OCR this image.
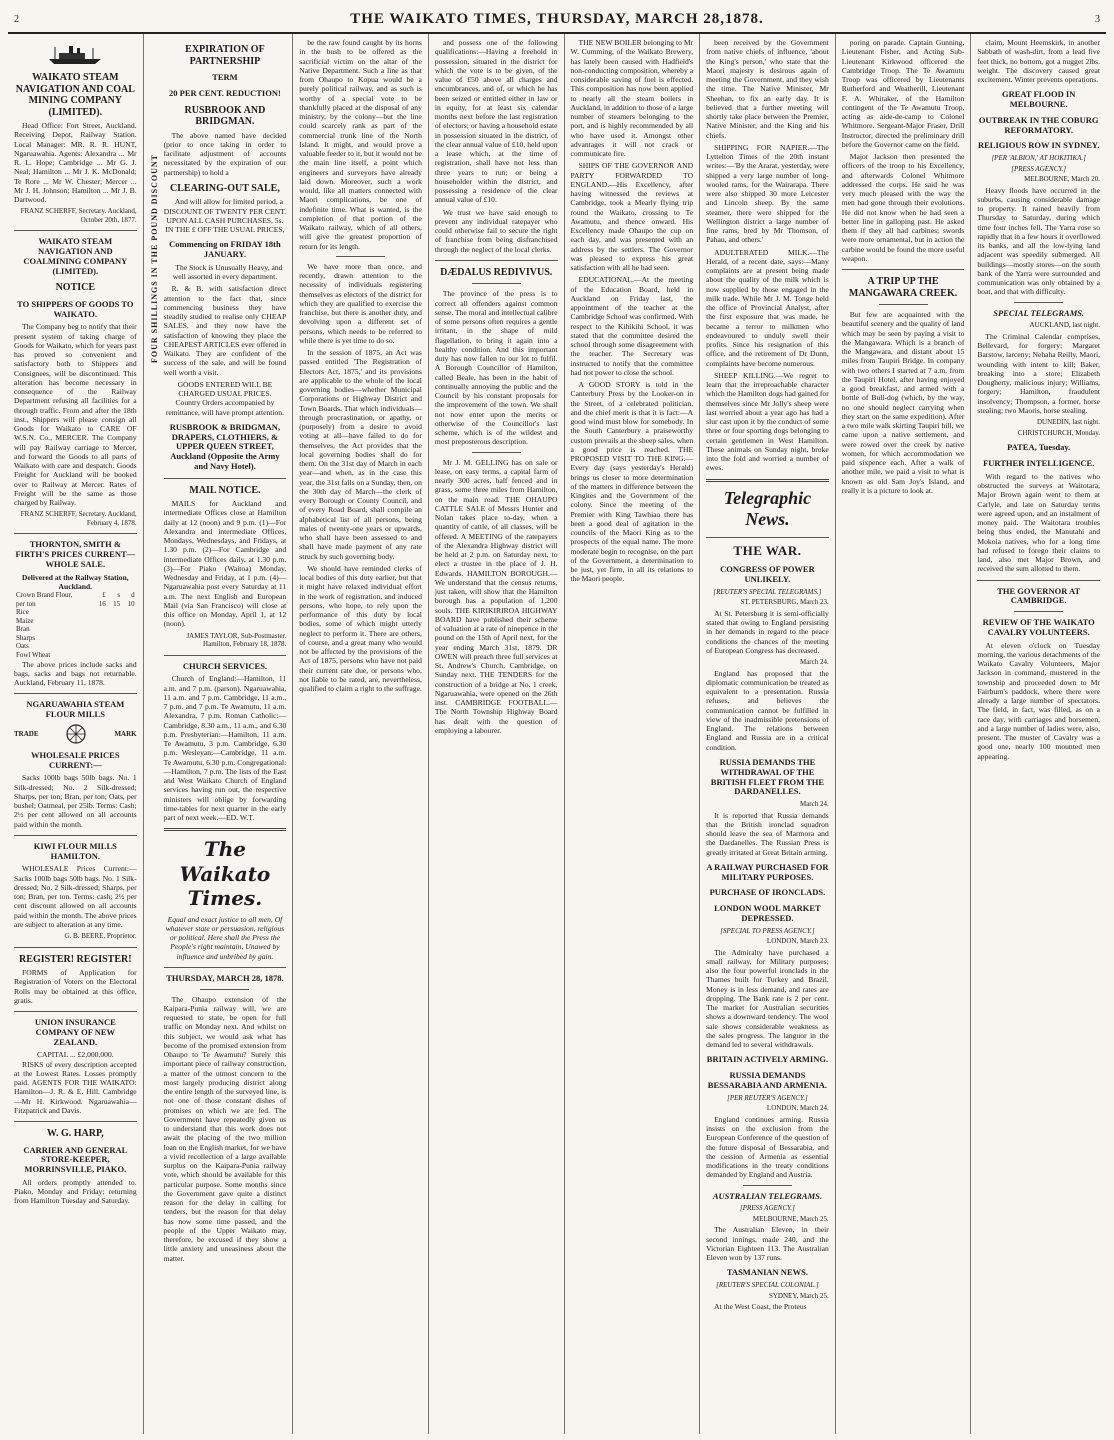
2	THE WAIKATO TIMES, THURSDAY, MARCH 28,1878.	3
WAIKATO STEAM NAVIGATION AND COAL MINING COMPANY (LIMITED).

Head Office: Fort Street, Auckland. Receiving Depot, Railway Station. Local Manager: MR. R. R. HUNT, Ngaruawahia. Agents: Alexandra ... Mr R. L. Hope; Cambridge ... Mr G. J. Neal; Hamilton ... Mr J. K. McDonald; Te Rore ... Mr W. Chester; Mercer ... Mr J. H. Johnson; Hamilton ... Mr J. B. Dartwood.

FRANZ SCHERFF, Secretary. Auckland, October 20th, 1877.
WAIKATO STEAM NAVIGATION AND COALMINING COMPANY (LIMITED).
NOTICE
TO SHIPPERS OF GOODS TO WAIKATO.

The Company beg to notify that their present system of taking charge of Goods for Waikato, which for years past has proved so convenient and satisfactory both to Shippers and Consignees, will be discontinued. This alteration has become necessary in consequence of the Railway Department refusing all facilities for a through traffic. From and after the 18th inst., Shippers will please consign all Goods for Waikato to CARE OF W.S.N. Co., MERCER. The Company will pay Railway carriage to Mercer, and forward the Goods to all parts of Waikato with care and despatch. Goods Freight for Auckland will be booked over to Railway at Mercer. Rates of Freight will be the same as those charged by Railway.

FRANZ SCHERFF, Secretary. Auckland, February 4, 1878.
THORNTON, SMITH & FIRTH'S PRICES CURRENT—WHOLE SALE.
Delivered at the Railway Station, Auckland.
Crown Brand Flour,	£	s	d
per ton	16	15	10
Rice			
Maize			
Bran			
Sharps			
Oats			
Fowl Wheat			

The above prices include sacks and bags, sacks and bags not returnable. Auckland, February 11, 1878.

NGARUAWAHIA STEAM FLOUR MILLS
TRADE	MARK
WHOLESALE PRICES CURRENT:—

Sacks 100lb bags 50lb bags. No. 1 Silk-dressed; No. 2 Silk-dressed; Sharps, per ton; Bran, per ton; Oats, per bushel; Oatmeal, per 25lb. Terms: Cash; 2½ per cent allowed on all accounts paid within the month.

KIWI FLOUR MILLS HAMILTON.

WHOLESALE Prices Current:— Sacks 100lb bags 50lb bags. No. 1 Silk-dressed; No. 2 Silk-dressed; Sharps, per ton; Bran, per ton. Terms: cash; 2½ per cent discount allowed on all accounts paid within the month. The above prices are subject to alteration at any time.

G. B. BEERE, Proprietor.
REGISTER! REGISTER!

FORMS of Application for Registration of Voters on the Electoral Rolls may be obtained at this office, gratis.

UNION INSURANCE COMPANY OF NEW ZEALAND.
CAPITAL ... £2,000,000.

RISKS of every description accepted at the Lowest Rates. Losses promptly paid. AGENTS FOR THE WAIKATO: Hamilton—J. R. & E. Hill. Cambridge—Mr H. Kirkwood. Ngaruawahia—Fitzpatrick and Davis.

W. G. HARP,
CARRIER AND GENERAL STORE-KEEPER, MORRINSVILLE, PIAKO.

All orders promptly attended to. Piako, Monday and Friday; returning from Hamilton Tuesday and Saturday.

FOUR SHILLINGS IN THE POUND DISCOUNT
EXPIRATION OF PARTNERSHIP
TERM
20 PER CENT. REDUCTION!
RUSBROOK AND BRIDGMAN.

The above named have decided (prior to once taking in order to facilitate adjustment of accounts necessitated by the expiration of our partnership) to hold a

CLEARING-OUT SALE,

And will allow for limited period, a DISCOUNT OF TWENTY PER CENT. UPON ALL CASH PURCHASES, 5s. IN THE £ OFF THE USUAL PRICES,

Commencing on FRIDAY 18th JANUARY.

The Stock is Unusually Heavy, and well assorted in every department.

R. & B. with satisfaction direct attention to the fact that, since commencing business they have steadily studied to realise only CHEAP SALES, and they now have the satisfaction of knowing they place the CHEAPEST ARTICLES ever offered in Waikato. They are confident of the success of the sale, and will be found well worth a visit.

GOODS ENTERED WILL BE CHARGED USUAL PRICES.
Country Orders accompanied by remittance, will have prompt attention.
RUSBROOK & BRIDGMAN, DRAPERS, CLOTHIERS, & UPPER QUEEN STREET, Auckland (Opposite the Army and Navy Hotel).
MAIL NOTICE.

MAILS for Auckland and intermediate Offices close at Hamilton daily at 12 (noon) and 9 p.m. (1)—For Alexandra and intermediate Offices, Mondays, Wednesdays, and Fridays, at 1.30 p.m. (2)—For Cambridge and intermediate Offices daily, at 1.30 p.m. (3)—For Piako (Waitoa) Monday, Wednesday and Friday, at 1 p.m. (4)—Ngaruawahia post every Saturday at 11 a.m. The next English and European Mail (via San Francisco) will close at this office on Monday, April 1, at 12 (noon).

JAMES TAYLOR, Sub-Postmaster. Hamilton, February 18, 1878.
CHURCH SERVICES.

Church of England:—Hamilton, 11 a.m. and 7 p.m. (parson). Ngaruawahia, 11 a.m. and 7 p.m. Cambridge, 11 a.m., 7 p.m. and 7 p.m. Te Awamutu, 11 a.m. Alexandra, 7 p.m. Roman Catholic:—Cambridge, 8.30 a.m., 11 a.m., and 6.30 p.m. Presbyterian:—Hamilton, 11 a.m. Te Awamutu, 3 p.m. Cambridge, 6.30 p.m. Wesleyan:—Cambridge, 11 a.m. Te Awamutu, 6.30 p.m. Congregational:—Hamilton, 7 p.m. The lists of the East and West Waikato Church of England services having run out, the respective ministers will oblige by forwarding time-tables for next quarter in the early part of next week.—ED. W.T.

The Waikato Times.

Equal and exact justice to all men, Of whatever state or persuasion, religious or political. Here shall the Press the People's right maintain, Unawed by influence and unbribed by gain.

THURSDAY, MARCH 28, 1878.

The Ohaupo extension of the Kaipara-Punia railway will, we are requested to state, be open for full traffic on Monday next. And whilst on this subject, we would ask what has become of the promised extension from Ohaupo to Te Awamutu? Surely this important piece of railway construction, a matter of the utmost concern to the most largely producing district along the entire length of the surveyed line, is not one of those constant dishes of promises on which we are fed. The Government have repeatedly given us to understand that this work does not await the placing of the two million loan on the English market, for we have a vivid recollection of a large available surplus on the Kaipara-Punia railway vote, which should be available for this particular purpose. Some months since the Government gave quite a distinct reason for the delay in calling for tenders, but the reason for that delay has now some time passed, and the people of the Upper Waikato may, therefore, be excused if they show a little anxiety and uneasiness about the matter.

be the raw found caught by its horns in the bush to be offered as the sacrificial victim on the altar of the Native Department. Such a line as that from Ohaupo to Kopua would be a purely political railway, and as such is worthy of a special vote to be thankfully placed at the disposal of any ministry, by the colony—but the line could scarcely rank as part of the commercial trunk line of the North Island. It might, and would prove a valuable feeder to it, but it would not be the main line itself, a point which engineers and surveyors have already laid down. Moreover, such a work would, like all matters connected with Maori complications, be one of indefinite time. What is wanted, is the completion of that portion of the Waikato railway, which of all others, will give the greatest proportion of return for its length.

We have more than once, and recently, drawn attention to the necessity of individuals registering themselves as electors of the district for which they are qualified to exercise the franchise, but there is another duty, and devolving upon a different set of persons, which needs to be referred to while there is yet time to do so.

In the session of 1875, an Act was passed entitled 'The Registration of Electors Act, 1875,' and its provisions are applicable to the whole of the local governing bodies—whether Municipal Corporations or Highway District and Town Boards. That which individuals—through procrastination, or apathy, or (purposely) from a desire to avoid voting at all—have failed to do for themselves, the Act provides that the local governing bodies shall do for them. On the 31st day of March in each year—and when, as in the case this year, the 31st falls on a Sunday, then, on the 30th day of March—the clerk of every Borough or County Council, and of every Road Board, shall compile an alphabetical list of all persons, being males of twenty-one years or upwards, who shall have been assessed to and shall have made payment of any rate struck by such governing body.

We should have reminded clerks of local bodies of this duty earlier, but that it might have relaxed individual effort in the work of registration, and induced persons, who hope, to rely upon the performance of this duty by local bodies, some of which might utterly neglect to perform it. There are others, of course, and a great many who would not be affected by the provisions of the Act of 1875, persons who have not paid their current rate due, or persons who, not liable to be rated, are, nevertheless, qualified to claim a right to the suffrage.

and possess one of the following qualifications:—Having a freehold in possession, situated in the district for which the vote is to be given, of the value of £50 above all charges and encumbrances, and of, or which he has been seized or entitled either in law or in equity, for at least six calendar months next before the last registration of electors; or having a household estate in possession situated in the district, of the clear annual value of £10, held upon a lease which, at the time of registration, shall have not less than three years to run; or being a householder within the district, and possessing a residence of the clear annual value of £10.

We trust we have said enough to prevent any individual ratepayer who could otherwise fail to secure the right of franchise from being disfranchised through the neglect of the local clerks.

DÆDALUS REDIVIVUS.

The province of the press is to correct all offenders against common sense. The moral and intellectual calibre of some persons often requires a gentle irritant, in the shape of mild flagellation, to bring it again into a healthy condition. And this important duty has now fallen to our lot to fulfil. A Borough Councillor of Hamilton, called Beale, has been in the habit of continually annoying the public and the Council by his constant proposals for the improvement of the town. We shall not now enter upon the merits or otherwise of the Councillor's last scheme, which is of the wildest and most preposterous description.

Mr J. M. GELLING has on sale or lease, on easy terms, a capital farm of nearly 300 acres, half fenced and in grass, some three miles from Hamilton, on the main road. THE OHAUPO CATTLE SALE of Messrs Hunter and Nolan takes place to-day, when a quantity of cattle, of all classes, will be offered. A MEETING of the ratepayers of the Alexandra Highway district will be held at 2 p.m. on Saturday next, to elect a trustee in the place of J. H. Edwards. HAMILTON BOROUGH.—We understand that the census returns, just taken, will show that the Hamilton borough has a population of 1,200 souls. THE KIRIKIRIROA HIGHWAY BOARD have published their scheme of valuation at a rate of ninepence in the pound on the 15th of April next, for the year ending March 31st, 1879. DR OWEN will preach three full services at St. Andrew's Church, Cambridge, on Sunday next. THE TENDERS for the construction of a bridge at No. 1 creek, Ngaruawahia, were opened on the 26th inst. CAMBRIDGE FOOTBALL.—The North Township Highway Board has dealt with the question of employing a labourer.

THE NEW BOILER belonging to Mr W. Cumming, of the Waikato Brewery, has lately been caused with Hadfield's non-conducting composition, whereby a considerable saving of fuel is effected. This composition has now been applied to nearly all the steam boilers in Auckland, in addition to those of a large number of steamers belonging to the port, and is highly recommended by all who have used it. Amongst other advantages it will not crack or communicate fire.

SHIPS OF THE GOVERNOR AND PARTY FORWARDED TO ENGLAND.—His Excellency, after having witnessed the reviews at Cambridge, took a Mearly flying trip round the Waikato, crossing to Te Awamutu, and thence onward. His Excellency made Ohaupo the cup on each day, and was presented with an address by the settlers. The Governor was pleased to express his great satisfaction with all he had seen.

EDUCATIONAL.—At the meeting of the Education Board, held in Auckland on Friday last, the appointment of the teacher at the Cambridge School was confirmed. With respect to the Kihikihi School, it was stated that the committee desired the school through some disagreement with the teacher. The Secretary was instructed to notify that the committee had not power to close the school.

A GOOD STORY is told in the Canterbury Press by the Looker-on in the Street, of a celebrated politician, and the chief merit is that it is fact:—A good wind must blow for somebody. In the South Canterbury a praiseworthy custom prevails at the sheep sales, when a good price is reached. THE PROPOSED VISIT TO THE KING.—Every day (says yesterday's Herald) brings us closer to more determination of the matters in difference between the Kingites and the Government of the colony. Since the meeting of the Premier with King Tawhiao there has been a good deal of agitation in the councils of the Maori King as to the prospects of the equal name. The more moderate begin to recognise, on the part of the Government, a determination to be just, yet firm, in all its relations to the Maori people.

been received by the Government from native chiefs of influence, 'about the King's person,' who state that the Maori majesty is desirous again of meeting the Government, and they wish the time. The Native Minister, Mr Sheehan, to fix an early day. It is believed that a further meeting will shortly take place between the Premier, Native Minister, and the King and his chiefs.

SHIPPING FOR NAPIER.—The Lyttelton Times of the 20th instant writes:—'By the Ararat, yesterday, were shipped a very large number of long-wooled rams, for the Wairarapa. There were also shipped 30 more Leicester and Lincoln sheep. By the same steamer, there were shipped for the Wellington district a large number of fine rams, bred by Mr Thomson, of Pahau, and others.'

ADULTERATED MILK.—The Herald, of a recent date, says:—Many complaints are at present being made about the quality of the milk which is now supplied by those engaged in the milk trade. While Mr J. M. Tonge held the office of Provincial Analyst, after the first exposure that was made, he became a terror to milkmen who endeavoured to unduly swell their profits. Since his resignation of this office, and the retirement of Dr Dunn, complaints have become numerous.

SHEEP KILLING.—We regret to learn that the irreproachable character which the Hamilton dogs had gained for themselves since Mr Jolly's sheep were last worried about a year ago has had a slur cast upon it by the conduct of some three or four sporting dogs belonging to certain gentlemen in West Hamilton. These animals on Sunday night, broke into the fold and worried a number of ewes.

Telegraphic News.
THE WAR.
CONGRESS OF POWER UNLIKELY.
[REUTER'S SPECIAL TELEGRAMS.]
ST. PETERSBURG, March 23.

At St. Petersburg it is semi-officially stated that owing to England persisting in her demands in regard to the peace conditions the chances of the meeting of European Congress has decreased.

March 24.

England has proposed that the diplomatic communication be treated as equivalent to a presentation. Russia refuses, and believes the communication cannot be fulfilled in view of the inadmissible pretensions of England. The relations between England and Russia are in a critical condition.

RUSSIA DEMANDS THE WITHDRAWAL OF THE BRITISH FLEET FROM THE DARDANELLES.
March 24.

It is reported that Russia demands that the British ironclad squadron should leave the sea of Marmora and the Dardanelles. The Russian Press is greatly irritated at Great Britain arming.

A RAILWAY PURCHASED FOR MILITARY PURPOSES.
PURCHASE OF IRONCLADS.
LONDON WOOL MARKET DEPRESSED.
[SPECIAL TO PRESS AGENCY.]
LONDON, March 23.

The Admiralty have purchased a small railway, for Military purposes; also the four powerful ironclads in the Thames built for Turkey and Brazil. Money is in less demand, and rates are dropping. The Bank rate is 2 per cent. The market for Australian securities shows a downward tendency. The wool sale shows considerable weakness as the sales progress. The languor in the demand led to several withdrawals.

BRITAIN ACTIVELY ARMING.
RUSSIA DEMANDS BESSARABIA AND ARMENIA.
[PER REUTER'S AGENCY.]
LONDON, March 24.

England continues arming. Russia insists on the exclusion from the European Conference of the question of the future disposal of Bessarabia, and the cession of Armenia as essential modifications in the treaty conditions demanded by England and Austria.

AUSTRALIAN TELEGRAMS.
[PRESS AGENCY.]
MELBOURNE, March 25.

The Australian Eleven, in their second innings, made 240, and the Victorian Eighteen 113. The Australian Eleven won by 137 runs.

TASMANIAN NEWS.
[REUTER'S SPECIAL COLONIAL.]
SYDNEY, March 25.

At the West Coast, the Proteus

poring on parade. Captain Gunning, Lieutenant Fisher, and Acting Sub-Lieutenant Kirkwood officered the Cambridge Troop. The Te Awamutu Troop was officered by Lieutenants Rutherford and Weatherill, Lieutenant F. A. Whitaker, of the Hamilton contingent of the Te Awamutu Troop, acting as aide-de-camp to Colonel Whitmore. Sergeant-Major Fraser, Drill Instructor, directed the preliminary drill before the Governor came on the field.

Major Jackson then presented the officers of the troop to his Excellency, and afterwards Colonel Whitmore addressed the corps. He said he was very much pleased with the way the men had gone through their evolutions. He did not know when he had seen a better line in galloping past. He asked them if they all had carbines; swords were more ornamental, but in action the carbine would be found the more useful weapon.

A TRIP UP THE MANGAWARA CREEK.

But few are acquainted with the beautiful scenery and the quality of land which may be seen by paying a visit to the Mangawara. Which is a branch of the Mangawara, and distant about 15 miles from Taupiri Bridge. In company with two others I started at 7 a.m. from the Taupiri Hotel, after having enjoyed a good breakfast, and armed with a bottle of Bull-dog (which, by the way, no one should neglect carrying when they start on the same expedition). After a two mile walk skirting Taupiri hill, we came upon a native settlement, and were rowed over the creek by native women, for which accommodation we paid sixpence each. After a walk of another mile, we paid a visit to what is known as old Sam Joy's Island, and really it is a picture to look at.

claim, Mount Heemskirk, in another Sabbath of wash-dirt, from a lead five feet thick, no bottom, got a nugget 2lbs. weight. The discovery caused great excitement. Winter prevents operations.

GREAT FLOOD IN MELBOURNE.
OUTBREAK IN THE COBURG REFORMATORY.
RELIGIOUS ROW IN SYDNEY.
[PER 'ALBION,' AT HOKITIKA.]
[PRESS AGENCY.]
MELBOURNE, March 20.

Heavy floods have occurred in the suburbs, causing considerable damage to property. It rained heavily from Thursday to Saturday, during which time four inches fell. The Yarra rose so rapidly that in a few hours it overflowed its banks, and all the low-lying land adjacent was speedily submerged. All buildings—mostly stores—on the south bank of the Yarra were surrounded and communication was only obtained by a boat, and that with difficulty.

SPECIAL TELEGRAMS.
AUCKLAND, last night.

The Criminal Calendar comprises, Bellevard, for forgery; Margaret Barstow, larceny; Nehaha Reilly, Maori, wounding with intent to kill; Baker, breaking into a store; Elizabeth Dougherty, malicious injury; Williams, forgery; Hamilton, fraudulent insolvency; Thompson, a former, horse stealing; two Maoris, horse stealing.

DUNEDIN, last night.
CHRISTCHURCH, Monday.
PATEA, Tuesday.
FURTHER INTELLIGENCE.

With regard to the natives who obstructed the surveys at Waitotara, Major Brown again went to them at Carlyle, and late on Saturday terms were agreed upon, and an instalment of money paid. The Waitotara troubles being thus ended, the Manutahi and Mokoia natives, who for a long time had refused to forego their claims to land, also met Major Brown, and received the sum allotted to them.

THE GOVERNOR AT CAMBRIDGE.
REVIEW OF THE WAIKATO CAVALRY VOLUNTEERS.

At eleven o'clock on Tuesday morning, the various detachments of the Waikato Cavalry Volunteers, Major Jackson in command, mustered in the township and proceeded down to Mr Fairburn's paddock, where there were already a large number of spectators. The field, in fact, was filled, as on a race day, with carriages and horsemen, and a large number of ladies were, also, present. The muster of Cavalry was a good one, nearly 100 mounted men appearing.
